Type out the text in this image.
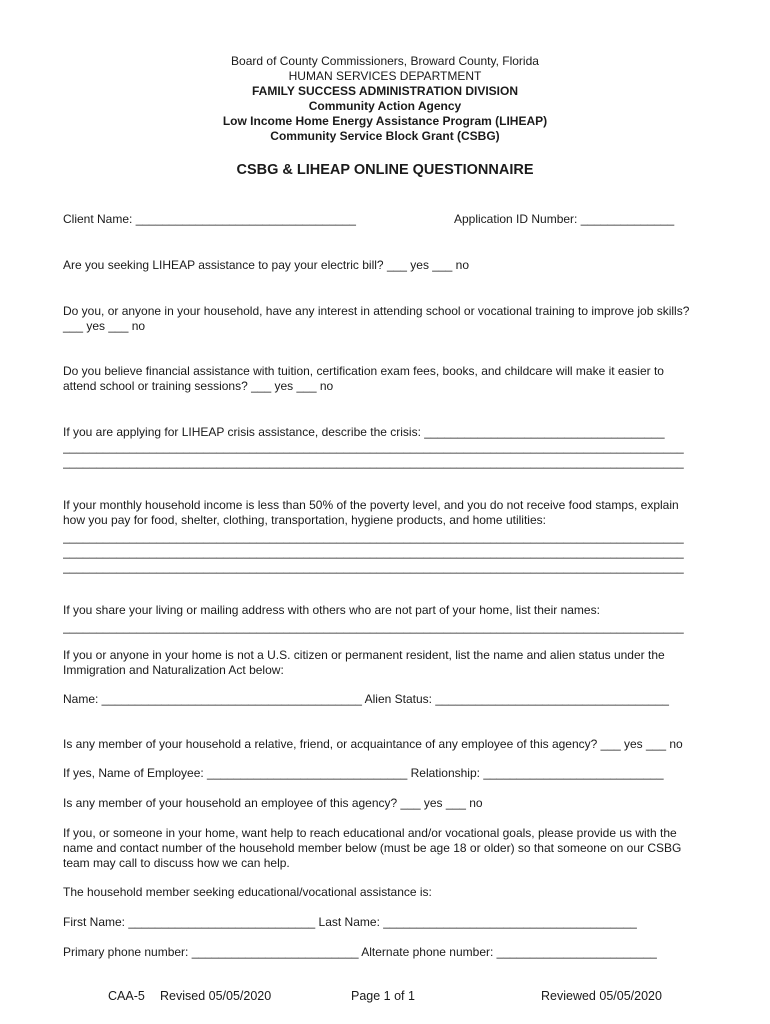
Board of County Commissioners, Broward County, Florida
HUMAN SERVICES DEPARTMENT
FAMILY SUCCESS ADMINISTRATION DIVISION
Community Action Agency
Low Income Home Energy Assistance Program (LIHEAP)
Community Service Block Grant (CSBG)
CSBG & LIHEAP ONLINE QUESTIONNAIRE
Client Name: _________________________________	Application ID Number: ______________
Are you seeking LIHEAP assistance to pay your electric bill? ___ yes ___ no
Do you, or anyone in your household, have any interest in attending school or vocational training to improve job skills?
___ yes ___ no
Do you believe financial assistance with tuition, certification exam fees, books, and childcare will make it easier to
attend school or training sessions? ___ yes ___ no
If you are applying for LIHEAP crisis assistance, describe the crisis: ____________________________________
_____________________________________________________________________________________________
_____________________________________________________________________________________________
If your monthly household income is less than 50% of the poverty level, and you do not receive food stamps, explain
how you pay for food, shelter, clothing, transportation, hygiene products, and home utilities:
_____________________________________________________________________________________________
_____________________________________________________________________________________________
_____________________________________________________________________________________________
If you share your living or mailing address with others who are not part of your home, list their names:
_____________________________________________________________________________________________
If you or anyone in your home is not a U.S. citizen or permanent resident, list the name and alien status under the
Immigration and Naturalization Act below:
Name: _______________________________________ Alien Status: ___________________________________
Is any member of your household a relative, friend, or acquaintance of any employee of this agency? ___ yes ___ no
If yes, Name of Employee: ______________________________ Relationship: ___________________________
Is any member of your household an employee of this agency? ___ yes ___ no
If you, or someone in your home, want help to reach educational and/or vocational goals, please provide us with the
name and contact number of the household member below (must be age 18 or older) so that someone on our CSBG
team may call to discuss how we can help.
The household member seeking educational/vocational assistance is:
First Name: ____________________________ Last Name: ______________________________________
Primary phone number: _________________________ Alternate phone number: ________________________
CAA-5 Revised 05/05/2020	Page 1 of 1	Reviewed 05/05/2020
